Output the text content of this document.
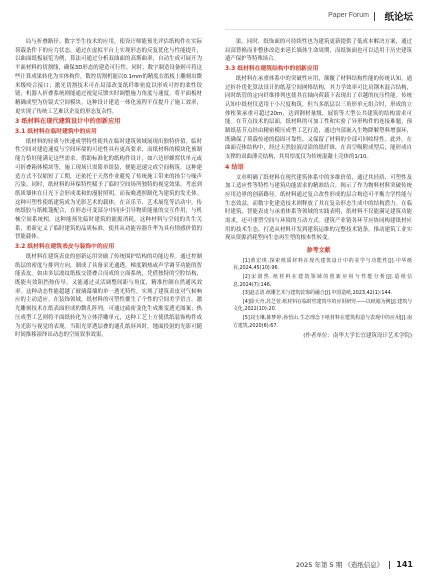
Paper Forum 纸论坛

局与折叠路径。数字孪生技术的应用，使设计师能预先评估纸构件在实际荷载条件下的应力状态，通过在虚拟平台上实现形态的反复优化与性能提升，以曲面纸板展览为例，算法可通过分析双曲面的高斯曲率，自动生成可展开为平面材料的切割线，确保3D形态的建造可行性。同时，数字制造设备则可将这些计算成果转化为实体构件。数控切割机能以0.1mm的精度在纸板上雕刻出微米级咬合接口；激光切割技术可在局部改变纸纤维密度以形成可控的柔性铰链；机器人折叠系统则能通过视觉反馈实时调整施力角度与速度，将平面板材精确成型为仿镜式空间模块。这种设计建造一体化流程不仅提升了施工效率，更实现了传统工艺难以企及的形态复杂性。

3 纸材料在现代建筑设计中的创新应用
3.1 纸材料在临时建筑中的应用

纸材料的轻质与快速成型特性使其在临时建筑领域展现出独特价值。临时性空间对建造速度与空间环境的可逆性具有更高要求，而纸材料的模块化预制能力恰好能满足这些需求。借助标准化的纸构件设计，如六边形蜂窝状单元或可折叠箱体模块等，施工现场只需简单组装，便能迅速完成空间构筑。这种建造方式不仅缩短了工期，还依托于天然作业避免了传统施工带来的扬尘与噪声污染。同时，纸材料的环保特性赋予了临时空间场所独特的视觉效果。考虑到纸质墙体在日光下会形成柔和的漫射照明，而夜晚透照制化为建筑的发光体。这种可塑性使纸建筑成为光影艺术的载体，在音乐节、艺术展览等活动中，传统纸胶与纸帐篷配合，在形态可变部分中同步引导物质能量的交互作用，与机械空间系统相，这种能预先临时建筑的能源消耗。这种材料与空间的共生关系，重新定义了临时建筑的品质标准，使其从功能容器升华为具有情感价值的智能载体。

3.2 纸材料在建筑表皮与装饰中的应用

纸材料在建筑表皮的创新运用突破了传统围护结构的功能边界。通过控制纸层的密度与排列方向，制成了具备采光通透、梯度隔热或声学调节功能的智能表皮。如由多层波纹纸板交错叠合而成的立面系统，凭借独特的空腔结构，既能有效阻挡热传导，又能通过灵活调整间距与角度，精准控制自然通风效率。这种动态性能超越了玻璃幕墙的单一透光特性，实现了建筑表皮对气候响应的主动适应。在装饰领域，纸材料的可塑性催生了个性的空间美学语言。激光雕刻技术在纸表面形成的微孔阵列，可通过疏密变化生成渐变透光图案；热压成型工艺则将平面纸转化为立体浮雕单元，这种工艺上方使供纸装饰构件成为光影与视觉的表现。当阳光穿透层叠的通孔纸屏风时，地面投射的光影可随时间推移演绎出动态的空间叙事效果。

果。同时，纸饰面的可持续性也为建筑更新提供了低成本解决方案，通过局部替换而非整体改造来延长墙体生命周期，而纸饰面也可以适用于历史建筑遗产保护等特殊场合。

3.3 纸材料在建筑结构中的创新应用

纸材料在承重体系中的突破性应用，颠覆了材料结构性能的传统认知。通过折扑优化算法设计的纸基空间网格结构，其力学效率可比肩钢木混合结构，同时纸管的定向纤维排列也使其在轴向荷载下表现出了卓越的抗压性能。传统认知中纸材仅适用于小尺度构筑，但当多纸层以三角形单元组合时，形成的立体桁架承重可超过20m，达到钢材量级，展馆等大型公共建筑的结构需求可能。在节点技术的层面，纸材料的可加工性和实验了异形构件的连接难题，预制纸基节点经由精密模压成型工艺打造，通过内部嵌入生物降解塑料增强环，既确保了荷载传递的稳固可靠性，又保留了材料的全部可回收特性。此外，在曲面壳体结构中，经过天然胶液浸渍的纸纤维，在真空吸附成型后，能形成自支撑的双曲薄壳结构，其用厚度仅为传统混凝土壳体的1/10。

4 结语

文章明确了纸材料在现代建筑体系中的多维价值，通过其轻质、可塑性及加工适应性等特性与建筑功能需求的精准结合，揭示了作为物料材料突破传统应用边界的创新路径。纸材料通过复合改性形成的层合构造可平衡力学性能与生态效益，而数字化建造技术则释放了其在复杂形态生成中的结构潜力。在临时建筑、智能表皮与承重体系等领域的实践表明，纸材料不仅能满足建筑功能需求，还可重塑空间与环境的互动方式。建筑产业链各环节应协同构建纸材应用的技术生态，打造从材料开发到建筑运维的完整技术链条，推动建筑工业实现从资源消耗型向生态再生型的根本性转变。

参考文献

[1]黄宏琪.探索纸质材料在现代建筑设计中的美学与功能性[J].中华纸业,2024,45(10):96.

[2]宋润然.纸材料在建筑领域的创新应用与性能分析[J].造纸信息,2024(7):146.

[3]赵志清.纸雕艺术与建筑装饰的融合[J].中国造纸,2023,42(1):144.

[4]徐天舟,苏芝萱.纸材料在临时性建筑中的应用研究——以纸箱为例[J].建筑与文化,2022(10):20.

[5]刘玉琳,陈梦婷,孙悟山.生态理念下纸材料在建筑构造与表现中的应用[J].南方建筑,2020(6):67.

(作者单位：南华大学长宜建筑设计艺术学院)
2025 年第 5 期 《造纸信息》 141
